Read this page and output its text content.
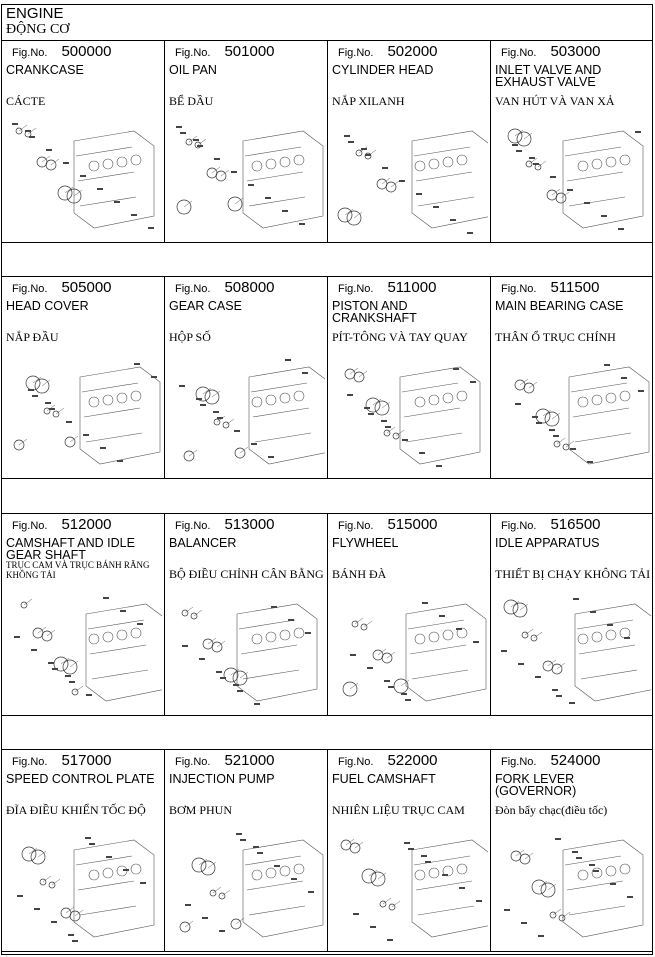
ENGINE
ĐỘNG CƠ
Fig.No. 500000
CRANKCASE
CÁCTE
Fig.No. 501000
OIL PAN
BỂ DẦU
Fig.No. 502000
CYLINDER HEAD
NẮP XILANH
Fig.No. 503000
INLET VALVE AND EXHAUST VALVE
VAN HÚT VÀ VAN XẢ
Fig.No. 505000
HEAD COVER
NẮP ĐẦU
Fig.No. 508000
GEAR CASE
HỘP SỐ
Fig.No. 511000
PISTON AND CRANKSHAFT
PÍT-TÔNG VÀ TAY QUAY
Fig.No. 511500
MAIN BEARING CASE
THÂN Ổ TRỤC CHÍNH
Fig.No. 512000
CAMSHAFT AND IDLE GEAR SHAFT
TRỤC CAM VÀ TRỤC BÁNH RĂNG KHÔNG TẢI
Fig.No. 513000
BALANCER
BỘ ĐIỀU CHỈNH CÂN BẰNG
Fig.No. 515000
FLYWHEEL
BÁNH ĐÀ
Fig.No. 516500
IDLE APPARATUS
THIẾT BỊ CHẠY KHÔNG TẢI
Fig.No. 517000
SPEED CONTROL PLATE
ĐĨA ĐIỀU KHIỂN TỐC ĐỘ
Fig.No. 521000
INJECTION PUMP
BƠM PHUN
Fig.No. 522000
FUEL CAMSHAFT
NHIÊN LIỆU TRỤC CAM
Fig.No. 524000
FORK LEVER (GOVERNOR)
Đòn bẩy chạc(điều tốc)
